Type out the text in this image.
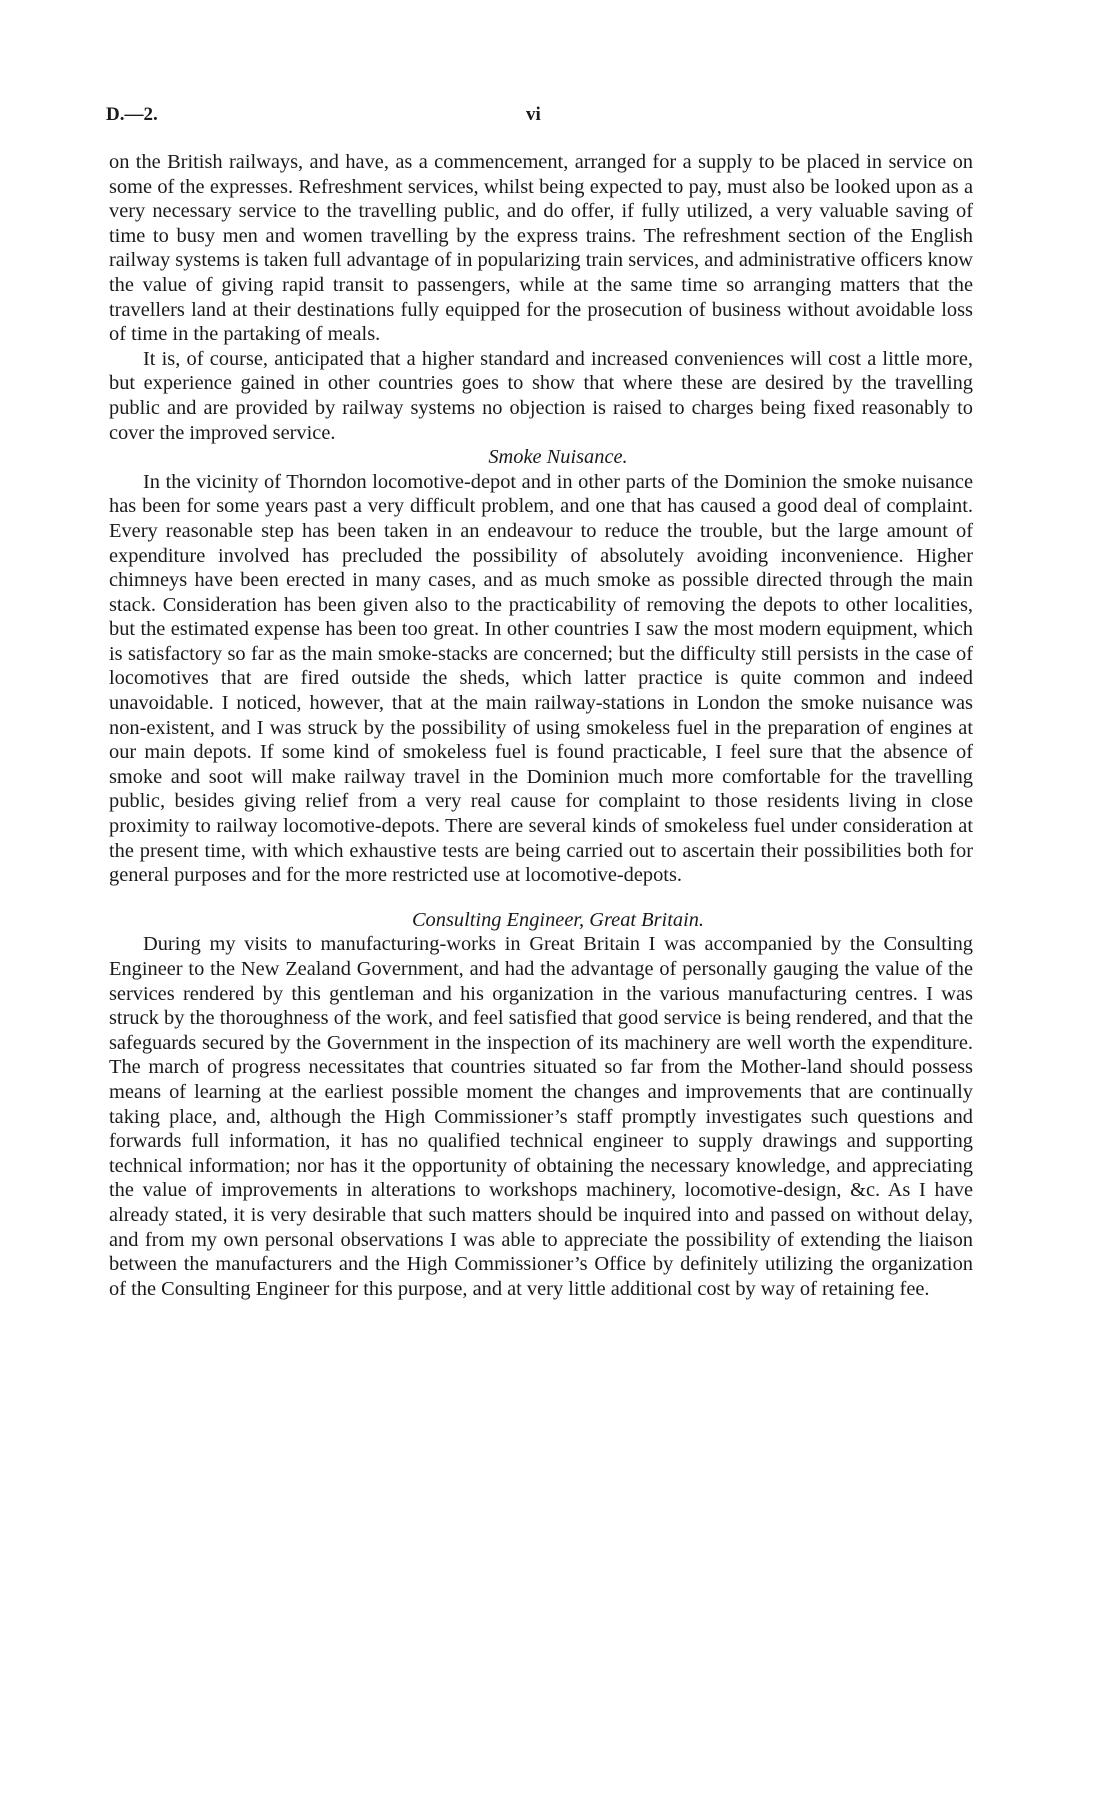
D.—2.	vi

on the British railways, and have, as a commencement, arranged for a supply to be placed in service on some of the expresses. Refreshment services, whilst being expected to pay, must also be looked upon as a very necessary service to the travelling public, and do offer, if fully utilized, a very valuable saving of time to busy men and women travelling by the express trains. The refreshment section of the English railway systems is taken full advantage of in popularizing train services, and administrative officers know the value of giving rapid transit to passengers, while at the same time so arranging matters that the travellers land at their destinations fully equipped for the prosecution of business without avoidable loss of time in the partaking of meals.

It is, of course, anticipated that a higher standard and increased conveniences will cost a little more, but experience gained in other countries goes to show that where these are desired by the travelling public and are provided by railway systems no objection is raised to charges being fixed reasonably to cover the improved service.

Smoke Nuisance.

In the vicinity of Thorndon locomotive-depot and in other parts of the Dominion the smoke nuisance has been for some years past a very difficult problem, and one that has caused a good deal of complaint. Every reasonable step has been taken in an endeavour to reduce the trouble, but the large amount of expenditure involved has precluded the possibility of absolutely avoiding inconvenience. Higher chimneys have been erected in many cases, and as much smoke as possible directed through the main stack. Consideration has been given also to the practicability of removing the depots to other localities, but the estimated expense has been too great. In other countries I saw the most modern equipment, which is satisfactory so far as the main smoke-stacks are concerned; but the difficulty still persists in the case of locomotives that are fired outside the sheds, which latter practice is quite common and indeed unavoidable. I noticed, however, that at the main railway-stations in London the smoke nuisance was non-existent, and I was struck by the possibility of using smokeless fuel in the preparation of engines at our main depots. If some kind of smokeless fuel is found practicable, I feel sure that the absence of smoke and soot will make railway travel in the Dominion much more comfortable for the travelling public, besides giving relief from a very real cause for complaint to those residents living in close proximity to railway locomotive-depots. There are several kinds of smokeless fuel under consideration at the present time, with which exhaustive tests are being carried out to ascertain their possibilities both for general purposes and for the more restricted use at locomotive-depots.

Consulting Engineer, Great Britain.

During my visits to manufacturing-works in Great Britain I was accompanied by the Consulting Engineer to the New Zealand Government, and had the advantage of personally gauging the value of the services rendered by this gentleman and his organization in the various manufacturing centres. I was struck by the thoroughness of the work, and feel satisfied that good service is being rendered, and that the safeguards secured by the Government in the inspection of its machinery are well worth the expenditure. The march of progress necessitates that countries situated so far from the Mother-land should possess means of learning at the earliest possible moment the changes and improvements that are continually taking place, and, although the High Commissioner’s staff promptly investigates such questions and forwards full information, it has no qualified technical engineer to supply drawings and supporting technical information; nor has it the opportunity of obtaining the necessary knowledge, and appreciating the value of improvements in alterations to workshops machinery, locomotive-design, &c. As I have already stated, it is very desirable that such matters should be inquired into and passed on without delay, and from my own personal observations I was able to appreciate the possibility of extending the liaison between the manufacturers and the High Commissioner’s Office by definitely utilizing the organization of the Consulting Engineer for this purpose, and at very little additional cost by way of retaining fee.
